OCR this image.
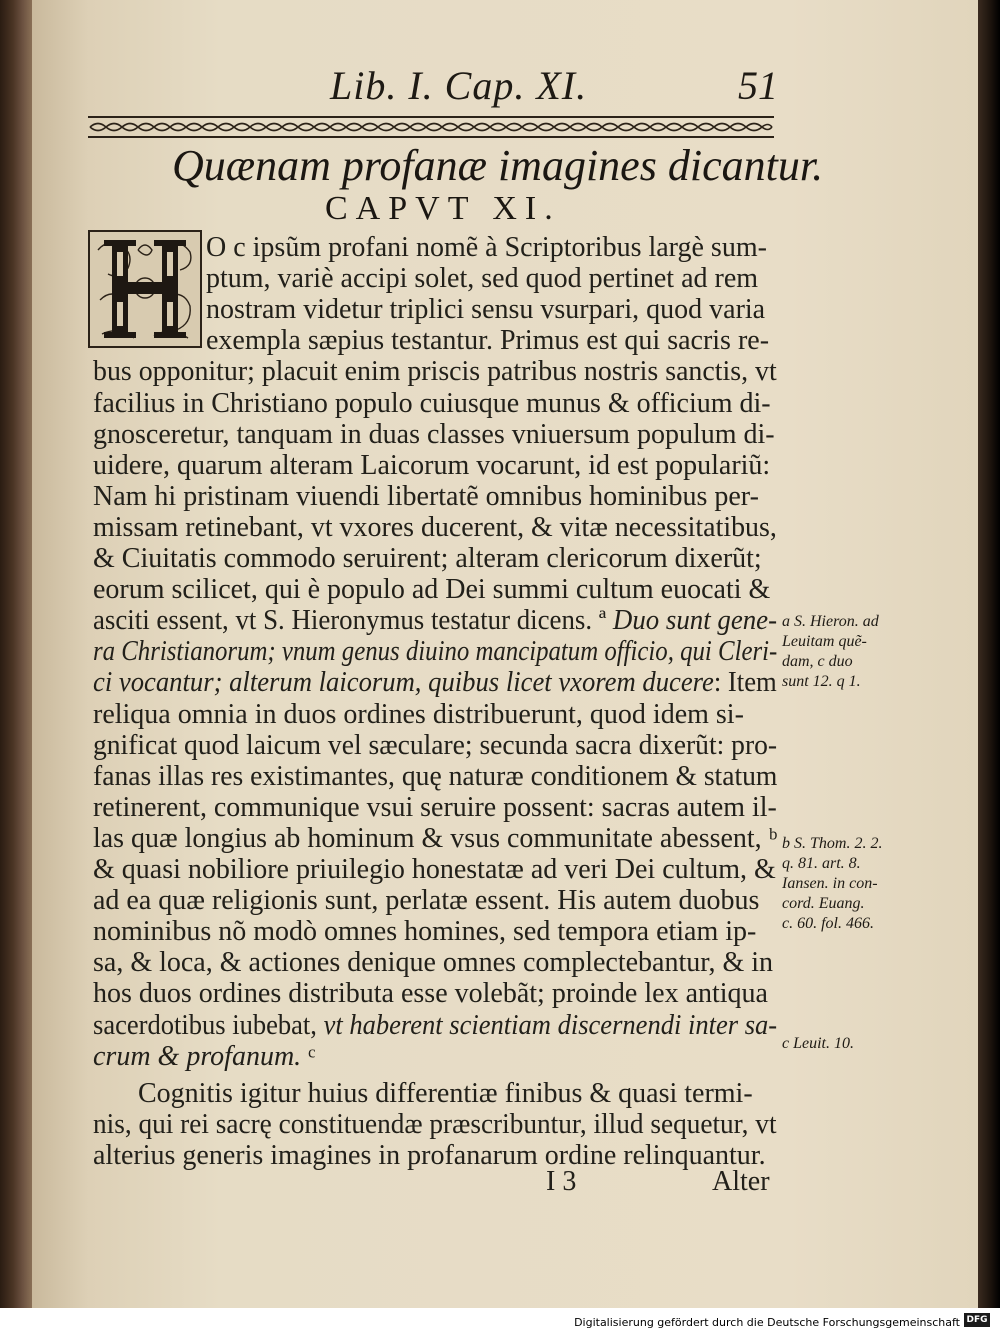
Lib. I. Cap. XI.	51
Quænam profanæ imagines dicantur.
CAPVT XI.
O c ipsũm profani nomẽ à Scriptoribus largè sum-
ptum, variè accipi solet, sed quod pertinet ad rem
nostram videtur triplici sensu vsurpari, quod varia
exempla sæpius testantur. Primus est qui sacris re-
bus opponitur; placuit enim priscis patribus nostris sanctis, vt
facilius in Christiano populo cuiusque munus & officium di-
gnosceretur, tanquam in duas classes vniuersum populum di-
uidere, quarum alteram Laicorum vocarunt, id est populariũ:
Nam hi pristinam viuendi libertatẽ omnibus hominibus per-
missam retinebant, vt vxores ducerent, & vitæ necessitatibus,
& Ciuitatis commodo seruirent; alteram clericorum dixerũt;
eorum scilicet, qui è populo ad Dei summi cultum euocati &
asciti essent, vt S. Hieronymus testatur dicens. ª Duo sunt gene-
ra Christianorum; vnum genus diuino mancipatum officio, qui Cleri-
ci vocantur; alterum laicorum, quibus licet vxorem ducere: Item
reliqua omnia in duos ordines distribuerunt, quod idem si-
gnificat quod laicum vel sæculare; secunda sacra dixerũt: pro-
fanas illas res existimantes, quę naturæ conditionem & statum
retinerent, communique vsui seruire possent: sacras autem il-
las quæ longius ab hominum & vsus communitate abessent, ᵇ
& quasi nobiliore priuilegio honestatæ ad veri Dei cultum, &
ad ea quæ religionis sunt, perlatæ essent. His autem duobus
nominibus nõ modò omnes homines, sed tempora etiam ip-
sa, & loca, & actiones denique omnes complectebantur, & in
hos duos ordines distributa esse volebãt; proinde lex antiqua
sacerdotibus iubebat, vt haberent scientiam discernendi inter sa-
crum & profanum. ᶜ
Cognitis igitur huius differentiæ finibus & quasi termi-
nis, qui rei sacrę constituendæ præscribuntur, illud sequetur, vt
alterius generis imagines in profanarum ordine relinquantur.
a S. Hieron. ad
Leuitam quẽ-
dam, c duo
sunt 12. q 1.
b S. Thom. 2. 2.
q. 81. art. 8.
Iansen. in con-
cord. Euang.
c. 60. fol. 466.
c Leuit. 10.
I 3	Alter
Digitalisierung gefördert durch die Deutsche Forschungsgemeinschaft DFG
